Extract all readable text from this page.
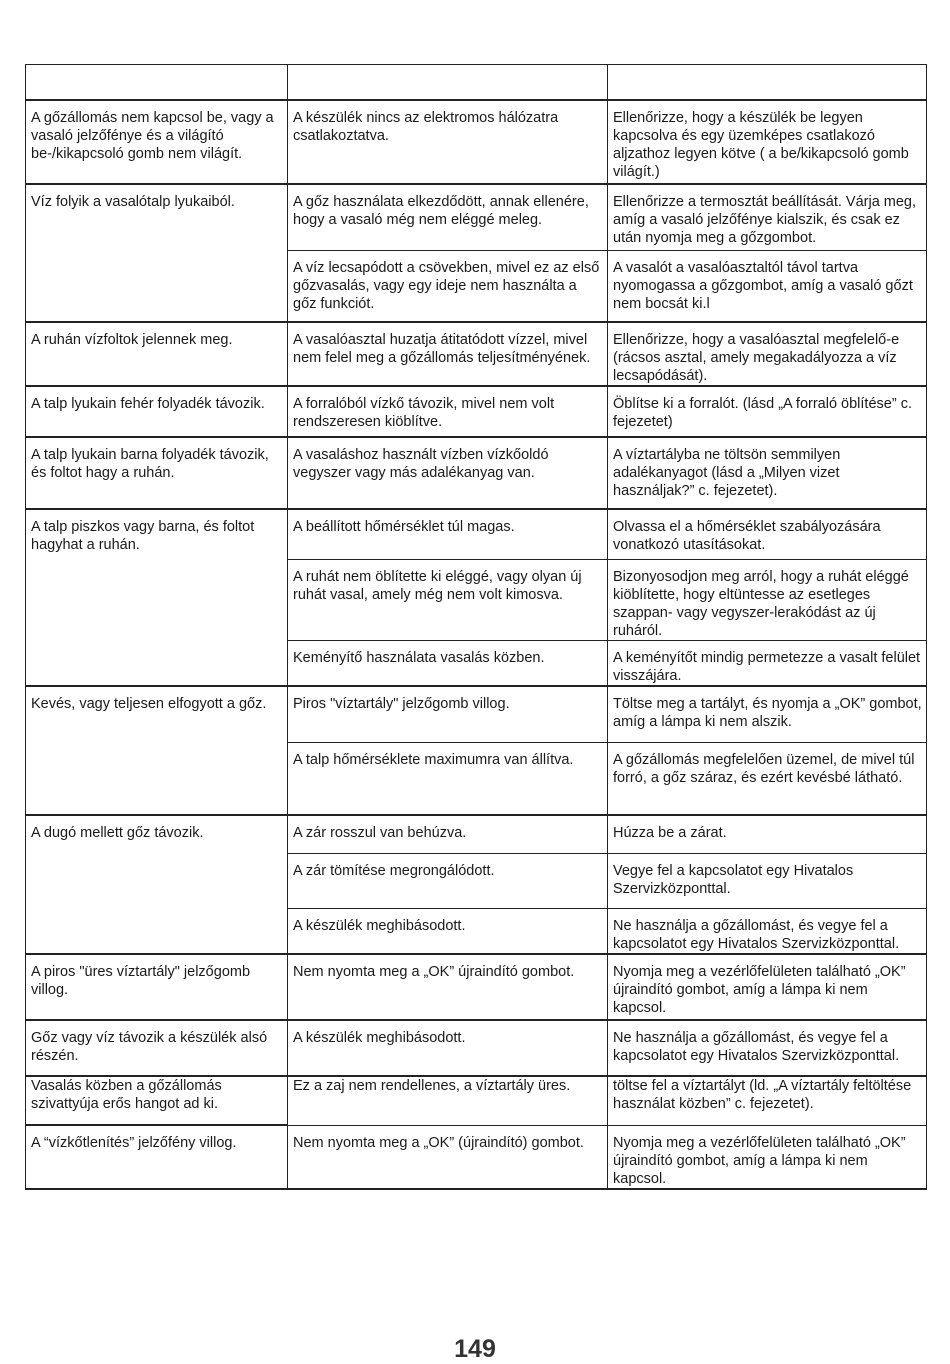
A gőzállomás nem kapcsol be, vagy a vasaló jelzőfénye és a világító be-/kikapcsoló gomb nem világít.	A készülék nincs az elektromos hálózatra csatlakoztatva.	Ellenőrizze, hogy a készülék be legyen kapcsolva és egy üzemképes csatlakozó aljzathoz legyen kötve ( a be/kikapcsoló gomb világít.)
Víz folyik a vasalótalp lyukaiból.	A gőz használata elkezdődött, annak ellenére, hogy a vasaló még nem eléggé meleg.	Ellenőrizze a termosztát beállítását. Várja meg, amíg a vasaló jelzőfénye kialszik, és csak ez után nyomja meg a gőzgombot.
	A víz lecsapódott a csövekben, mivel ez az első gőzvasalás, vagy egy ideje nem használta a gőz funkciót.	A vasalót a vasalóasztaltól távol tartva nyomogassa a gőzgombot, amíg a vasaló gőzt nem bocsát ki.l
A ruhán vízfoltok jelennek meg.	A vasalóasztal huzatja átitatódott vízzel, mivel nem felel meg a gőzállomás teljesítményének.	Ellenőrizze, hogy a vasalóasztal megfelelő-e (rácsos asztal, amely megakadályozza a víz lecsapódását).
A talp lyukain fehér folyadék távozik.	A forralóból vízkő távozik, mivel nem volt rendszeresen kiöblítve.	Öblítse ki a forralót. (lásd „A forraló öblítése” c. fejezetet)
A talp lyukain barna folyadék távozik, és foltot hagy a ruhán.	A vasaláshoz használt vízben vízkőoldó vegyszer vagy más adalékanyag van.	A víztartályba ne töltsön semmilyen adalékanyagot (lásd a „Milyen vizet használjak?” c. fejezetet).
A talp piszkos vagy barna, és foltot hagyhat a ruhán.	A beállított hőmérséklet túl magas.	Olvassa el a hőmérséklet szabályozására vonatkozó utasításokat.
	A ruhát nem öblítette ki eléggé, vagy olyan új ruhát vasal, amely még nem volt kimosva.	Bizonyosodjon meg arról, hogy a ruhát eléggé kiöblítette, hogy eltüntesse az esetleges szappan- vagy vegyszer-lerakódást az új ruháról.
	Keményítő használata vasalás közben.	A keményítőt mindig permetezze a vasalt felület visszájára.
Kevés, vagy teljesen elfogyott a gőz.	Piros "víztartály" jelzőgomb villog.	Töltse meg a tartályt, és nyomja a „OK” gombot, amíg a lámpa ki nem alszik.
	A talp hőmérséklete maximumra van állítva.	A gőzállomás megfelelően üzemel, de mivel túl forró, a gőz száraz, és ezért kevésbé látható.
A dugó mellett gőz távozik.	A zár rosszul van behúzva.	Húzza be a zárat.
	A zár tömítése megrongálódott.	Vegye fel a kapcsolatot egy Hivatalos Szervizközponttal.
	A készülék meghibásodott.	Ne használja a gőzállomást, és vegye fel a kapcsolatot egy Hivatalos Szervizközponttal.
A piros "üres víztartály" jelzőgomb villog.	Nem nyomta meg a „OK” újraindító gombot.	Nyomja meg a vezérlőfelületen található „OK” újraindító gombot, amíg a lámpa ki nem kapcsol.
Gőz vagy víz távozik a készülék alsó részén.	A készülék meghibásodott.	Ne használja a gőzállomást, és vegye fel a kapcsolatot egy Hivatalos Szervizközponttal.
Vasalás közben a gőzállomás szivattyúja erős hangot ad ki.	Ez a zaj nem rendellenes, a víztartály üres.	töltse fel a víztartályt (ld. „A víztartály feltöltése használat közben” c. fejezetet).
A “vízkőtlenítés” jelzőfény villog.	Nem nyomta meg a „OK” (újraindító) gombot.	Nyomja meg a vezérlőfelületen található „OK” újraindító gombot, amíg a lámpa ki nem kapcsol.
149
